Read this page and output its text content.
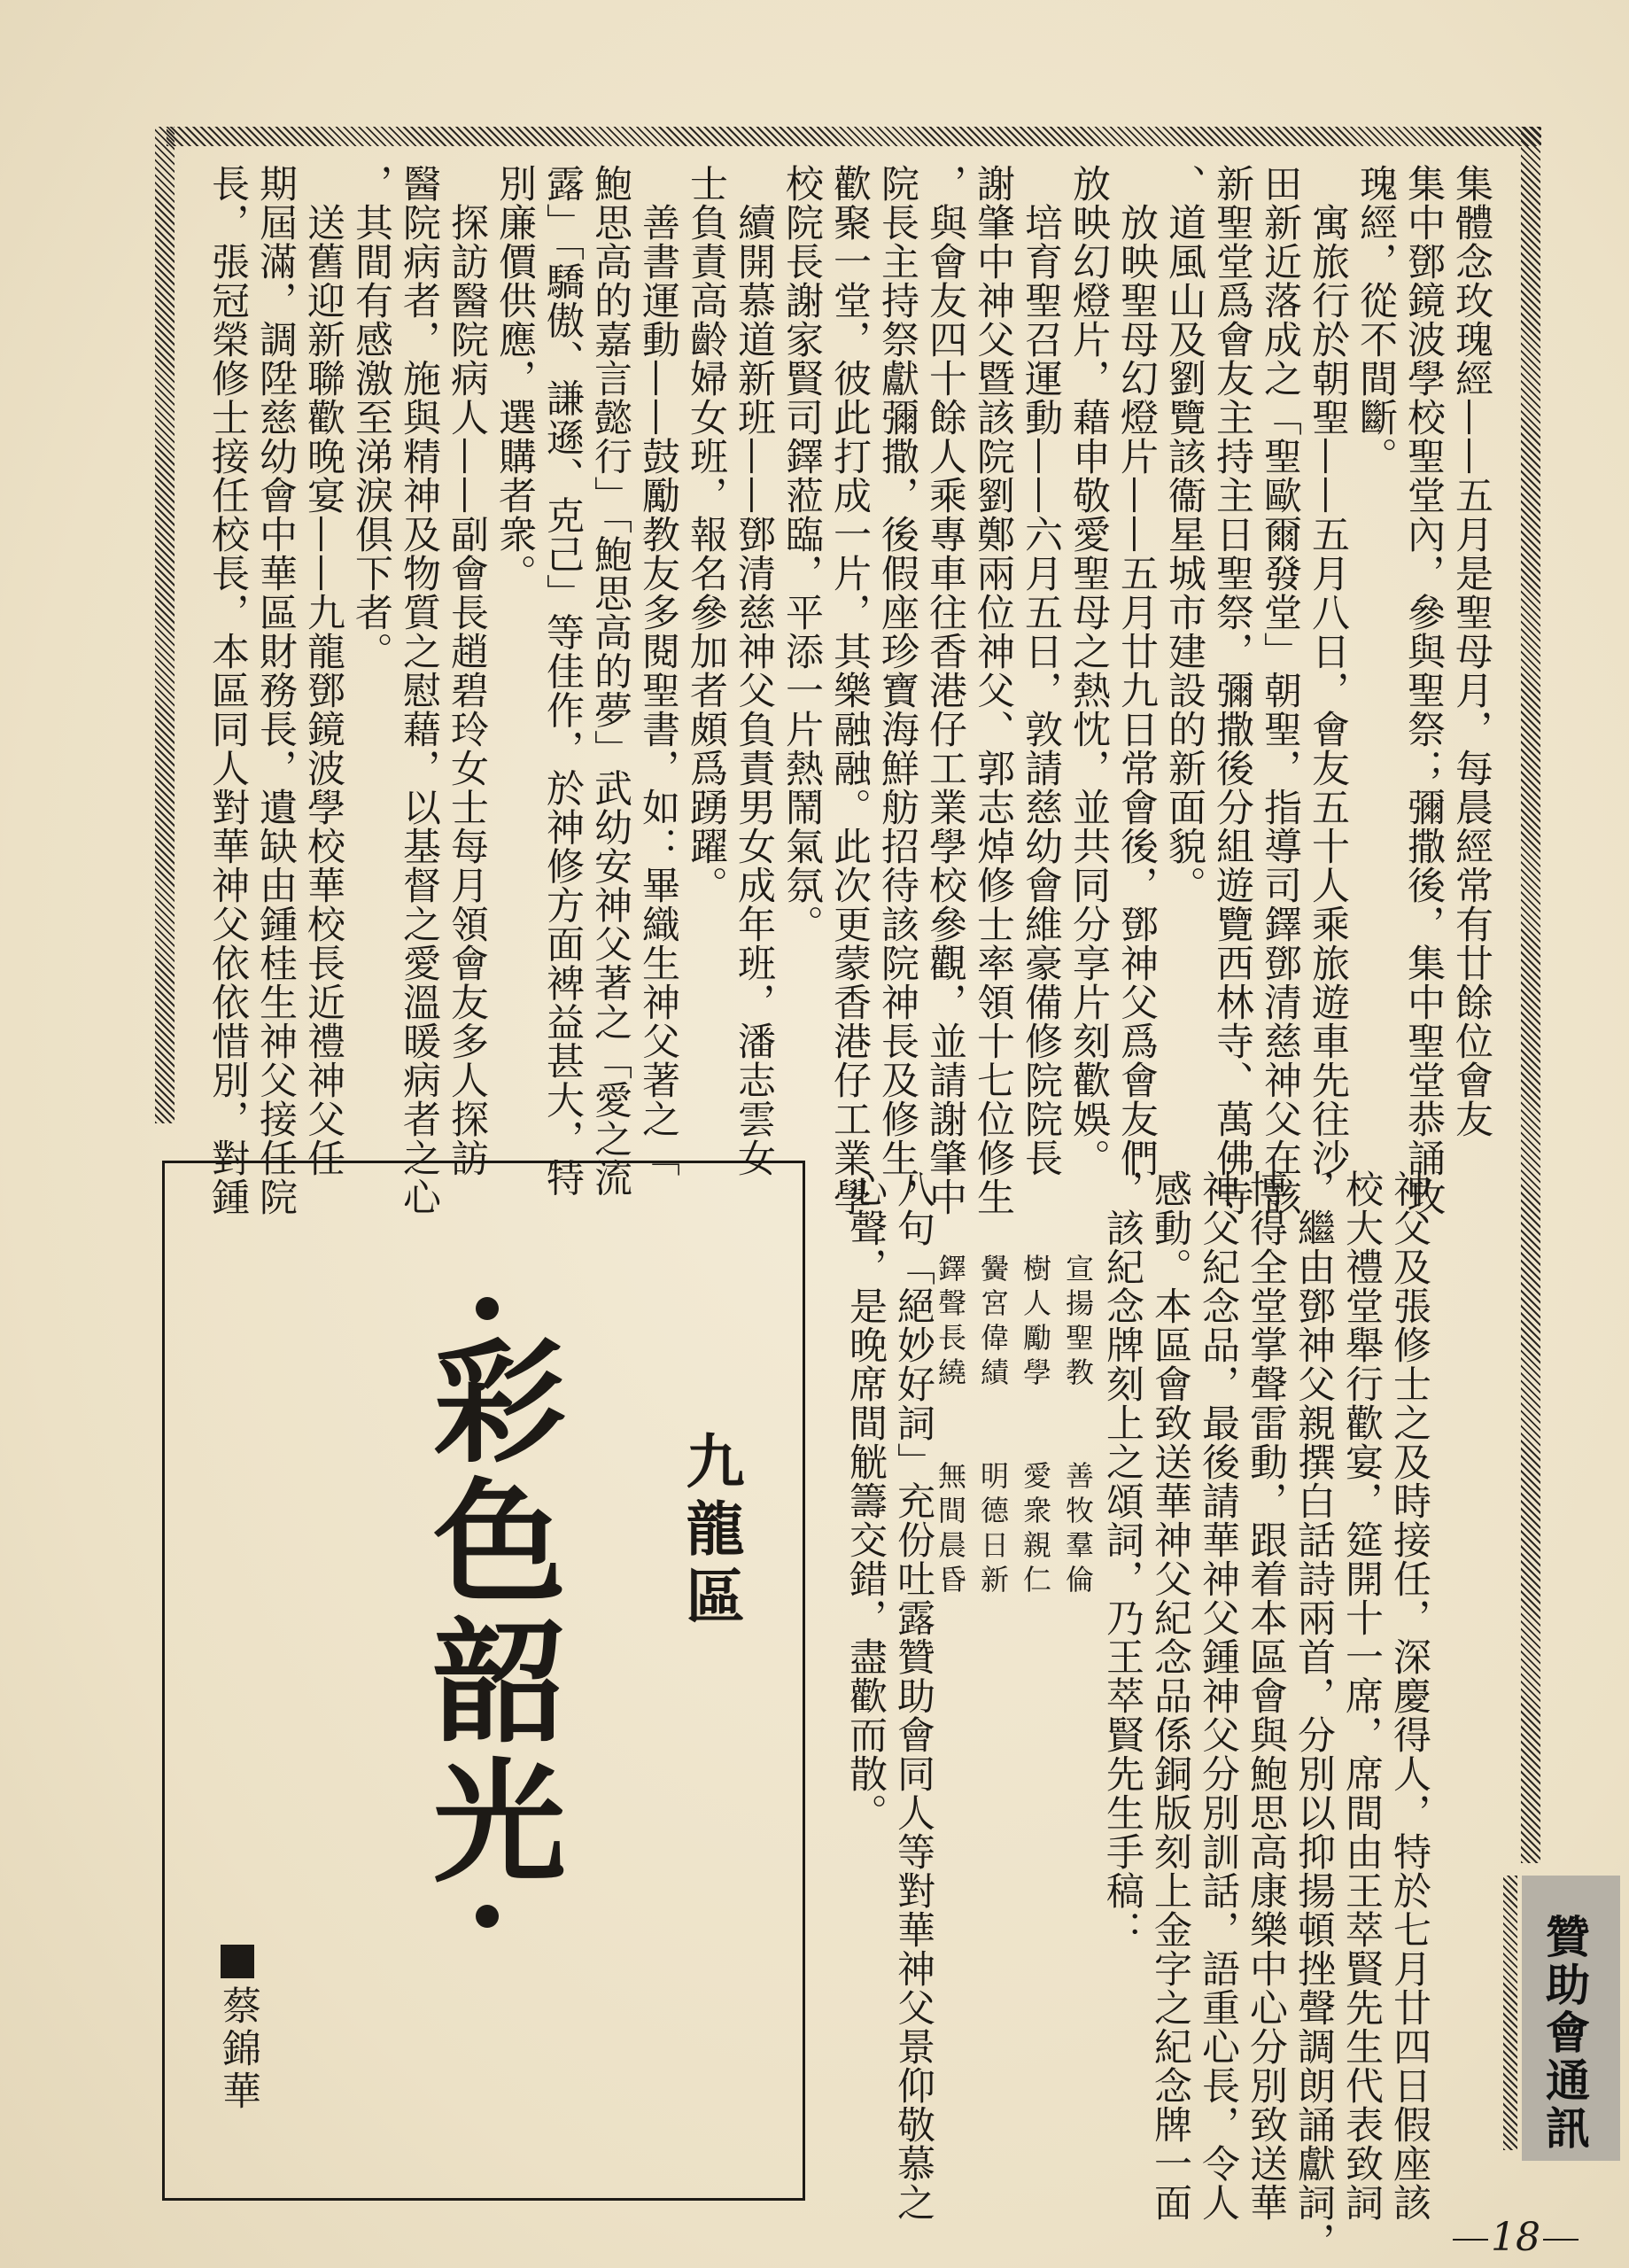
集體念玫瑰經——五月是聖母月，每晨經常有廿餘位會友
集中鄧鏡波學校聖堂內，參與聖祭；彌撒後，集中聖堂恭誦玫
瑰經，從不間斷。
　寓旅行於朝聖——五月八日，會友五十人乘旅遊車先往沙
田新近落成之「聖歐爾發堂」朝聖，指導司鐸鄧清慈神父在該
新聖堂爲會友主持主日聖祭，彌撒後分組遊覽西林寺、萬佛寺
、道風山及劉覽該衞星城市建設的新面貌。
　放映聖母幻燈片——五月廿九日常會後，鄧神父爲會友們
放映幻燈片，藉申敬愛聖母之熱忱，並共同分享片刻歡娛。
　培育聖召運動——六月五日，敦請慈幼會維豪備修院院長
謝肇中神父暨該院劉鄭兩位神父、郭志焯修士率領十七位修生
，與會友四十餘人乘專車往香港仔工業學校參觀，並請謝肇中
院長主持祭獻彌撒，後假座珍寶海鮮舫招待該院神長及修生，
歡聚一堂，彼此打成一片，其樂融融。此次更蒙香港仔工業學
校院長謝家賢司鐸蒞臨，平添一片熱鬧氣氛。
　續開慕道新班——鄧清慈神父負責男女成年班，潘志雲女
士負責高齡婦女班，報名參加者頗爲踴躍。
　善書運動——鼓勵教友多閱聖書，如：畢織生神父著之「
鮑思高的嘉言懿行」「鮑思高的夢」武幼安神父著之「愛之流
露」「驕傲、謙遜、克己」等佳作，於神修方面裨益甚大，特
別廉價供應，選購者衆。
　探訪醫院病人——副會長趙碧玲女士每月領會友多人探訪
醫院病者，施與精神及物質之慰藉，以基督之愛溫暖病者之心
，其間有感激至涕淚俱下者。
　送舊迎新聯歡晚宴——九龍鄧鏡波學校華校長近禮神父任
期屆滿，調陞慈幼會中華區財務長，遺缺由鍾桂生神父接任院
長，張冠榮修士接任校長，本區同人對華神父依依惜別，對鍾
神父及張修士之及時接任，深慶得人，特於七月廿四日假座該
校大禮堂舉行歡宴，筵開十一席，席間由王萃賢先生代表致詞
，繼由鄧神父親撰白話詩兩首，分別以抑揚頓挫聲調朗誦獻詞，
博得全堂掌聲雷動，跟着本區會與鮑思高康樂中心分別致送華
神父紀念品，最後請華神父鍾神父分別訓話，語重心長，令人
感動。本區會致送華神父紀念品係銅版刻上金字之紀念牌一面
，該紀念牌刻上之頌詞，乃王萃賢先生手稿：
宣揚聖教　　善牧羣倫
樹人勵學　　愛衆親仁
黌宮偉績　　明德日新
鐸聲長繞　　無間晨昏
八句「絕妙好詞」充份吐露贊助會同人等對華神父景仰敬慕之
心聲，是晚席間觥籌交錯，盡歡而散。
彩色韶光 九龍區
蔡錦華	贊助會通訊
18
